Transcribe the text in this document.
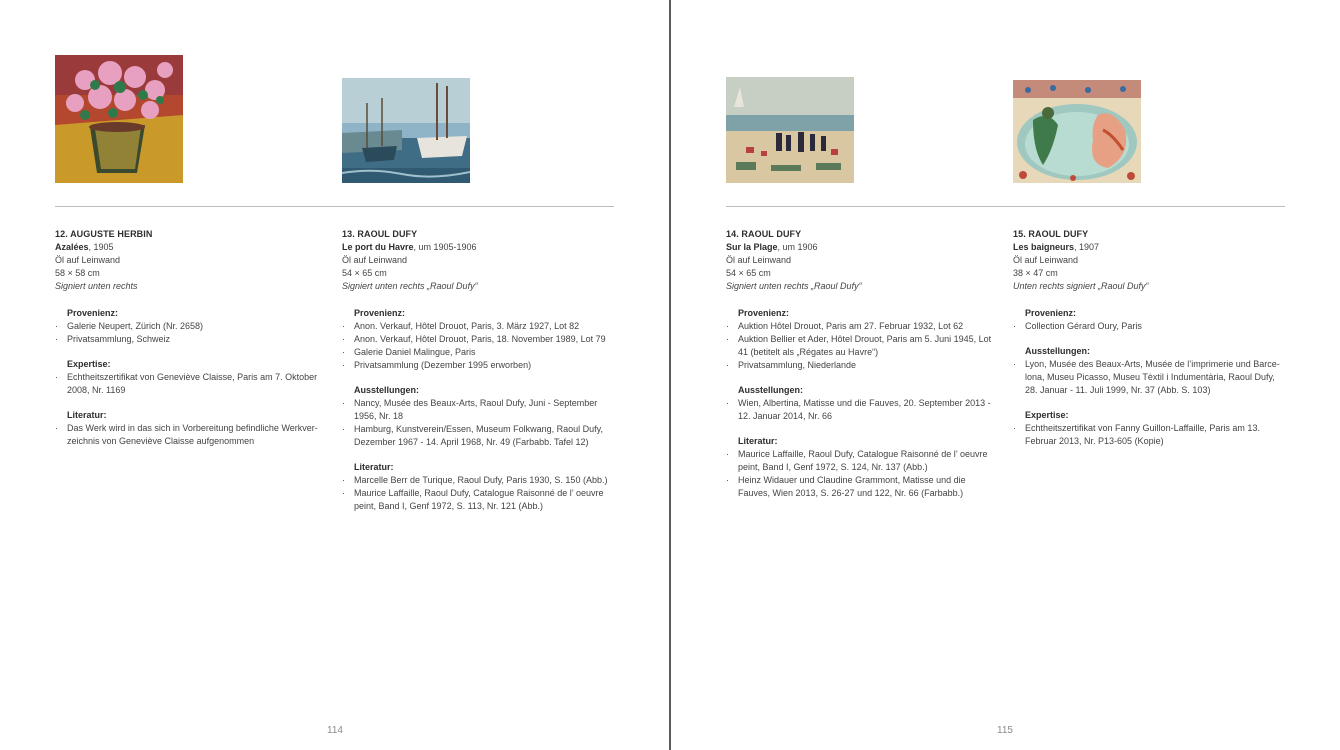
12. AUGUSTE HERBIN
Azalées, 1905
Öl auf Leinwand
58 × 58 cm
Signiert unten rechts
Provenienz:
· Galerie Neupert, Zürich (Nr. 2658)
· Privatsammlung, Schweiz
Expertise:
· Echtheitszertifikat von Geneviève Claisse, Paris am 7. Oktober 2008, Nr. 1169
Literatur:
· Das Werk wird in das sich in Vorbereitung befindliche Werkver-zeichnis von Geneviève Claisse aufgenommen
13. RAOUL DUFY
Le port du Havre, um 1905-1906
Öl auf Leinwand
54 × 65 cm
Signiert unten rechts „Raoul Dufy“
Provenienz:
· Anon. Verkauf, Hôtel Drouot, Paris, 3. März 1927, Lot 82
· Anon. Verkauf, Hôtel Drouot, Paris, 18. November 1989, Lot 79
· Galerie Daniel Malingue, Paris
· Privatsammlung (Dezember 1995 erworben)
Ausstellungen:
· Nancy, Musée des Beaux-Arts, Raoul Dufy, Juni - September 1956, Nr. 18
· Hamburg, Kunstverein/Essen, Museum Folkwang, Raoul Dufy, Dezember 1967 - 14. April 1968, Nr. 49 (Farbabb. Tafel 12)
Literatur:
· Marcelle Berr de Turique, Raoul Dufy, Paris 1930, S. 150 (Abb.)
· Maurice Laffaille, Raoul Dufy, Catalogue Raisonné de l’ oeuvre peint, Band I, Genf 1972, S. 113, Nr. 121 (Abb.)
114
14. RAOUL DUFY
Sur la Plage, um 1906
Öl auf Leinwand
54 × 65 cm
Signiert unten rechts „Raoul Dufy“
Provenienz:
· Auktion Hôtel Drouot, Paris am 27. Februar 1932, Lot 62
· Auktion Bellier et Ader, Hôtel Drouot, Paris am 5. Juni 1945, Lot 41 (betitelt als „Régates au Havre“)
· Privatsammlung, Niederlande
Ausstellungen:
· Wien, Albertina, Matisse und die Fauves, 20. September 2013 - 12. Januar 2014, Nr. 66
Literatur:
· Maurice Laffaille, Raoul Dufy, Catalogue Raisonné de l’ oeuvre peint, Band I, Genf 1972, S. 124, Nr. 137 (Abb.)
· Heinz Widauer und Claudine Grammont, Matisse und die Fauves, Wien 2013, S. 26-27 und 122, Nr. 66 (Farbabb.)
15. RAOUL DUFY
Les baigneurs, 1907
Öl auf Leinwand
38 × 47 cm
Unten rechts signiert „Raoul Dufy“
Provenienz:
· Collection Gérard Oury, Paris
Ausstellungen:
· Lyon, Musée des Beaux-Arts, Musée de l’imprimerie und Barce-lona, Museu Picasso, Museu Tèxtil i Indumentària, Raoul Dufy, 28. Januar - 11. Juli 1999, Nr. 37 (Abb. S. 103)
Expertise:
· Echtheitszertifikat von Fanny Guillon-Laffaille, Paris am 13. Februar 2013, Nr. P13-605 (Kopie)
115
